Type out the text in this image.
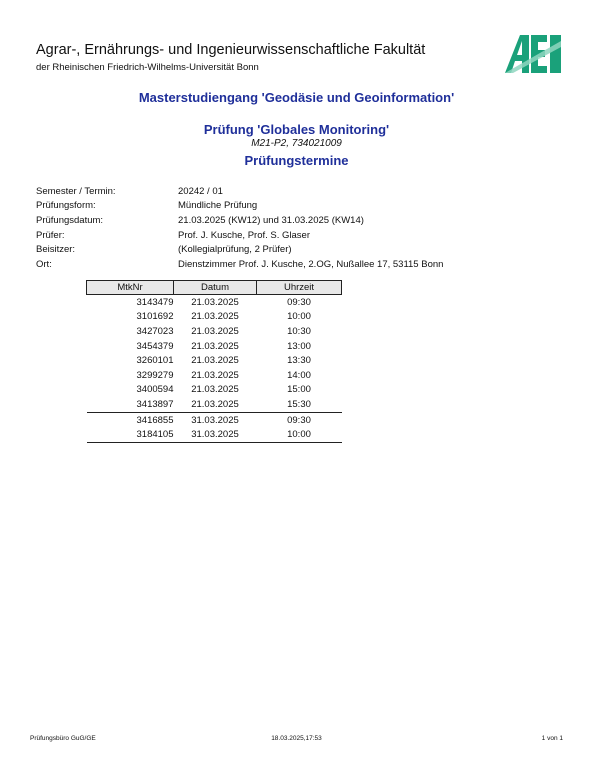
Agrar-, Ernährungs- und Ingenieurwissenschaftliche Fakultät
der Rheinischen Friedrich-Wilhelms-Universität Bonn
Masterstudiengang 'Geodäsie und Geoinformation'
Prüfung 'Globales Monitoring'
M21-P2, 734021009
Prüfungstermine
Semester / Termin:	20242 / 01
Prüfungsform:	Mündliche Prüfung
Prüfungsdatum:	21.03.2025 (KW12) und 31.03.2025 (KW14)
Prüfer:	Prof. J. Kusche, Prof. S. Glaser
Beisitzer:	(Kollegialprüfung, 2 Prüfer)
Ort:	Dienstzimmer Prof. J. Kusche, 2.OG, Nußallee 17, 53115 Bonn
MtkNr	Datum	Uhrzeit
3143479	21.03.2025	09:30
3101692	21.03.2025	10:00
3427023	21.03.2025	10:30
3454379	21.03.2025	13:00
3260101	21.03.2025	13:30
3299279	21.03.2025	14:00
3400594	21.03.2025	15:00
3413897	21.03.2025	15:30
3416855	31.03.2025	09:30
3184105	31.03.2025	10:00
Prüfungsbüro GuG/GE	18.03.2025,17:53	1 von 1
